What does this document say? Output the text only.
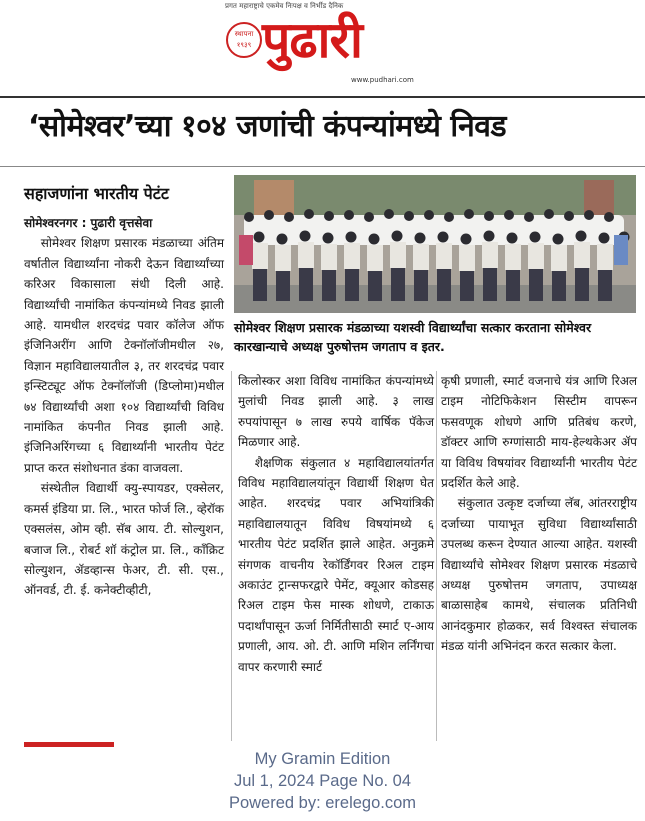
प्रगत महाराष्ट्राचे एकमेव निःपक्ष व निर्भीड दैनिक
स्थापना
१९३९ पुढारी
www.pudhari.com
‘सोमेश्वर’च्या १०४ जणांची कंपन्यांमध्ये निवड
सहाजणांना भारतीय पेटंट
सोमेश्वर शिक्षण प्रसारक मंडळाच्या यशस्वी विद्यार्थ्यांचा सत्कार करताना सोमेश्वर कारखान्याचे अध्यक्ष पुरुषोत्तम जगताप व इतर.

सोमेश्वरनगर : पुढारी वृत्तसेवा

सोमेश्वर शिक्षण प्रसारक मंडळाच्या अंतिम वर्षातील विद्यार्थ्यांना नोकरी देऊन विद्यार्थ्यांच्या करिअर विकासाला संधी दिली आहे. विद्यार्थ्यांची नामांकित कंपन्यांमध्ये निवड झाली आहे. यामधील शरदचंद्र पवार कॉलेज ऑफ इंजिनिअरींग आणि टेक्नॉलॉजीमधील २७, विज्ञान महाविद्यालयातील ३, तर शरदचंद्र पवार इन्स्टिट्यूट ऑफ टेक्नॉलॉजी (डिप्लोमा)मधील ७४ विद्यार्थ्यांची अशा १०४ विद्यार्थ्यांची विविध नामांकित कंपनीत निवड झाली आहे. इंजिनिअरिंगच्या ६ विद्यार्थ्यांनी भारतीय पेटंट प्राप्त करत संशोधनात डंका वाजवला.

संस्थेतील विद्यार्थी क्यु-स्पायडर, एक्सेलर, कमर्स इंडिया प्रा. लि., भारत फोर्ज लि., व्हेरॉक एक्सलंस, ओम व्ही. सॅब आय. टी. सोल्युशन, बजाज लि., रोबर्ट शॉ कंट्रोल प्रा. लि., कॉंक्रिट सोल्युशन, ॲडव्हान्स फेअर, टी. सी. एस., ऑनवर्ड, टी. ई. कनेक्टीव्हीटी,

किलोस्कर अशा विविध नामांकित कंपन्यांमध्ये मुलांची निवड झाली आहे. ३ लाख रुपयांपासून ७ लाख रुपये वार्षिक पॅकेज मिळणार आहे.

शैक्षणिक संकुलात ४ महाविद्यालयांतर्गत विविध महाविद्यालयांतून विद्यार्थी शिक्षण घेत आहेत. शरदचंद्र पवार अभियांत्रिकी महाविद्यालयातून विविध विषयांमध्ये ६ भारतीय पेटंट प्रदर्शित झाले आहेत. अनुक्रमे संगणक वाचनीय रेकॉर्डिंगवर रिअल टाइम अकाउंट ट्रान्सफरद्वारे पेमेंट, क्यूआर कोडसह रिअल टाइम फेस मास्क शोधणे, टाकाऊ पदार्थांपासून ऊर्जा निर्मितीसाठी स्मार्ट ए-आय प्रणाली, आय. ओ. टी. आणि मशिन लर्निंगचा वापर करणारी स्मार्ट

कृषी प्रणाली, स्मार्ट वजनाचे यंत्र आणि रिअल टाइम नोटिफिकेशन सिस्टीम वापरून फसवणूक शोधणे आणि प्रतिबंध करणे, डॉक्टर आणि रुग्णांसाठी माय-हेल्थकेअर ॲप या विविध विषयांवर विद्यार्थ्यांनी भारतीय पेटंट प्रदर्शित केले आहे.

संकुलात उत्कृष्ट दर्जाच्या लॅब, आंतरराष्ट्रीय दर्जाच्या पायाभूत सुविधा विद्यार्थ्यांसाठी उपलब्ध करून देण्यात आल्या आहेत. यशस्वी विद्यार्थ्यांचे सोमेश्वर शिक्षण प्रसारक मंडळाचे अध्यक्ष पुरुषोत्तम जगताप, उपाध्यक्ष बाळासाहेब कामथे, संचालक प्रतिनिधी आनंदकुमार होळकर, सर्व विश्वस्त संचालक मंडळ यांनी अभिनंदन करत सत्कार केला.

My Gramin Edition
Jul 1, 2024 Page No. 04
Powered by: erelego.com
